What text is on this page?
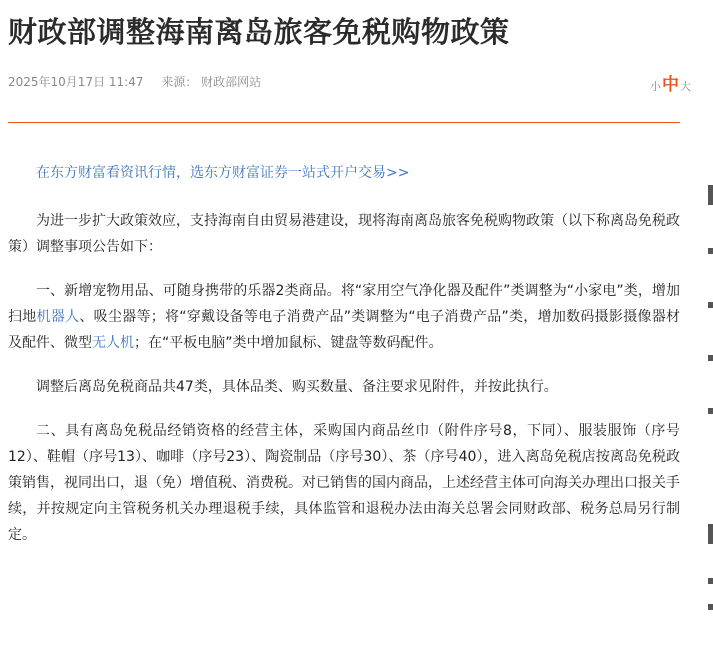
财政部调整海南离岛旅客免税购物政策
2025年10月17日 11:47 来源： 财政部网站	小中大
在东方财富看资讯行情，选东方财富证券一站式开户交易>>

为进一步扩大政策效应，支持海南自由贸易港建设，现将海南离岛旅客免税购物政策（以下称离岛免税政策）调整事项公告如下：

一、新增宠物用品、可随身携带的乐器2类商品。将“家用空气净化器及配件”类调整为“小家电”类，增加扫地机器人、吸尘器等；将“穿戴设备等电子消费产品”类调整为“电子消费产品”类，增加数码摄影摄像器材及配件、微型无人机；在“平板电脑”类中增加鼠标、键盘等数码配件。

调整后离岛免税商品共47类，具体品类、购买数量、备注要求见附件，并按此执行。

二、具有离岛免税品经销资格的经营主体，采购国内商品丝巾（附件序号8，下同）、服装服饰（序号12）、鞋帽（序号13）、咖啡（序号23）、陶瓷制品（序号30）、茶（序号40），进入离岛免税店按离岛免税政策销售，视同出口，退（免）增值税、消费税。对已销售的国内商品，上述经营主体可向海关办理出口报关手续，并按规定向主管税务机关办理退税手续，具体监管和退税办法由海关总署会同财政部、税务总局另行制定。
